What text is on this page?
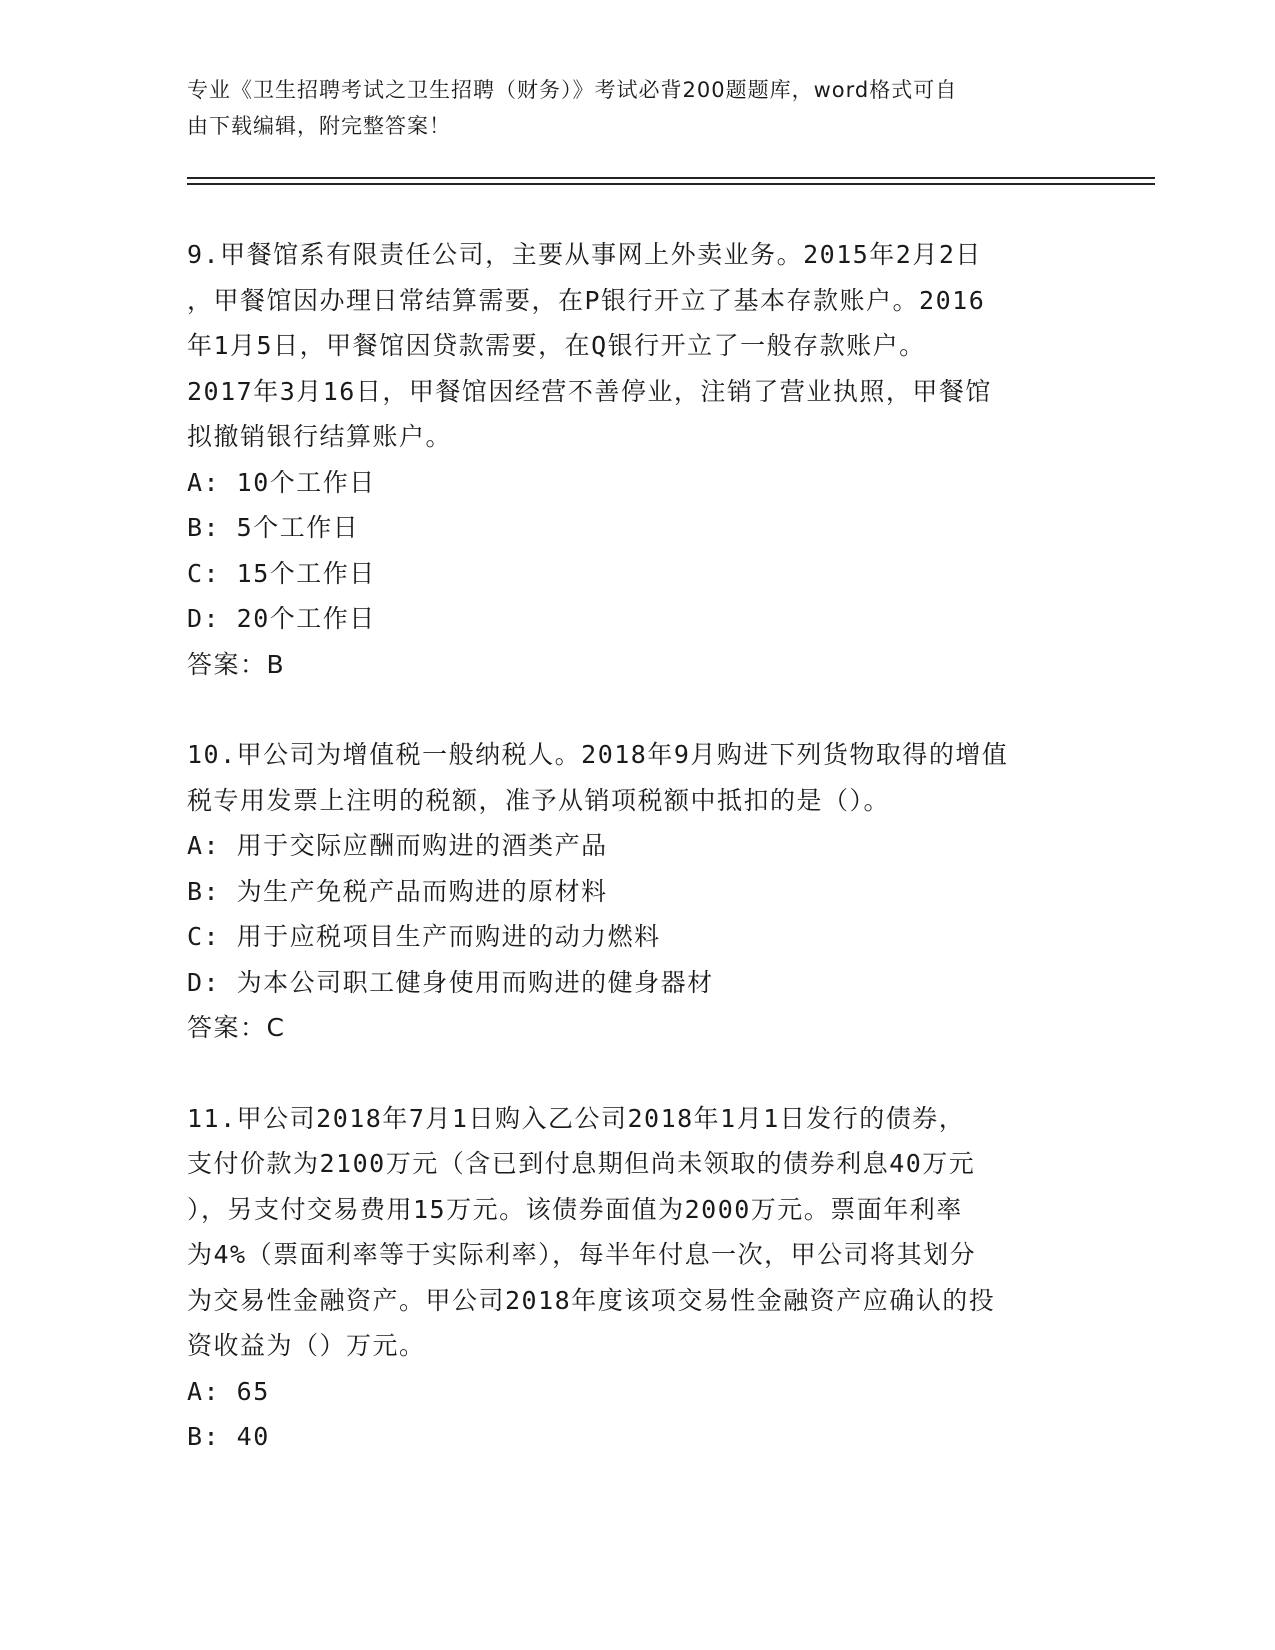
专业《卫生招聘考试之卫生招聘（财务）》考试必背200题题库，word格式可自
由下载编辑，附完整答案！
9.甲餐馆系有限责任公司，主要从事网上外卖业务。2015年2月2日
，甲餐馆因办理日常结算需要，在P银行开立了基本存款账户。2016
年1月5日，甲餐馆因贷款需要，在Q银行开立了一般存款账户。
2017年3月16日，甲餐馆因经营不善停业，注销了营业执照，甲餐馆
拟撤销银行结算账户。
A: 10个工作日
B: 5个工作日
C: 15个工作日
D: 20个工作日
答案：B
10.甲公司为增值税一般纳税人。2018年9月购进下列货物取得的增值
税专用发票上注明的税额，准予从销项税额中抵扣的是（）。
A: 用于交际应酬而购进的酒类产品
B: 为生产免税产品而购进的原材料
C: 用于应税项目生产而购进的动力燃料
D: 为本公司职工健身使用而购进的健身器材
答案：C
11.甲公司2018年7月1日购入乙公司2018年1月1日发行的债券，
支付价款为2100万元（含已到付息期但尚未领取的债券利息40万元
），另支付交易费用15万元。该债券面值为2000万元。票面年利率
为4%（票面利率等于实际利率），每半年付息一次，甲公司将其划分
为交易性金融资产。甲公司2018年度该项交易性金融资产应确认的投
资收益为（）万元。
A: 65
B: 40
